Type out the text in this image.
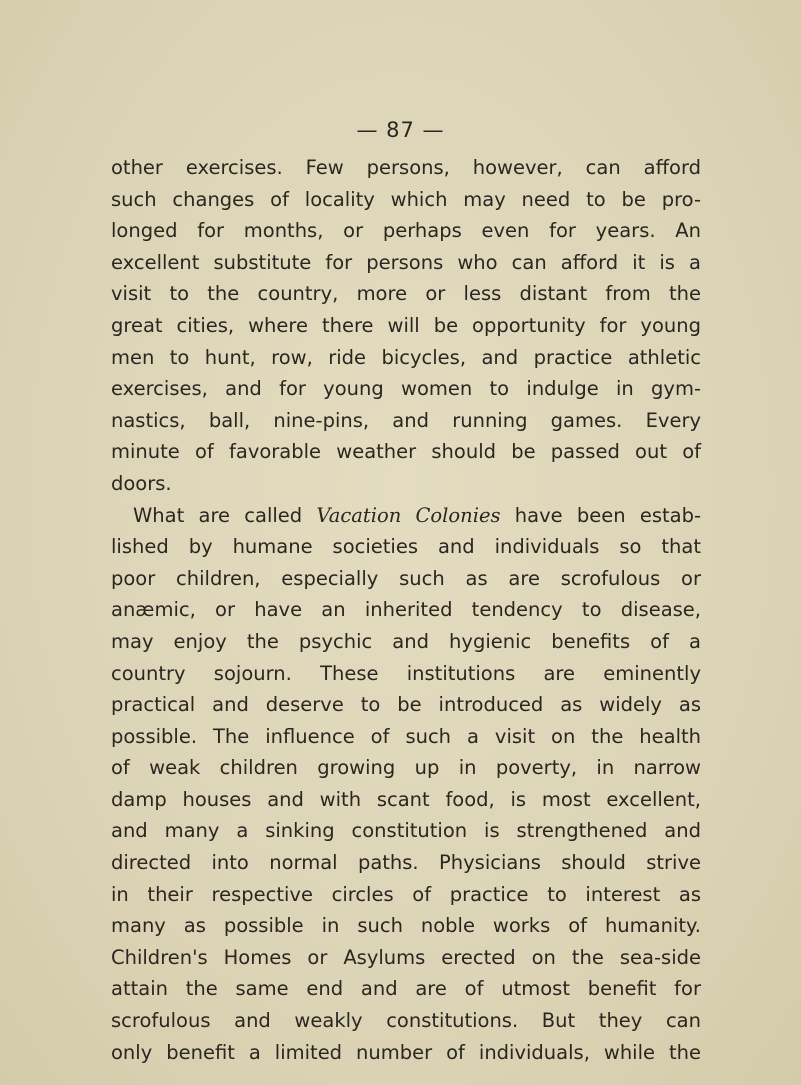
— 87 —
other exercises. Few persons, however, can afford
such changes of locality which may need to be pro-
longed for months, or perhaps even for years. An
excellent substitute for persons who can afford it is a
visit to the country, more or less distant from the
great cities, where there will be opportunity for young
men to hunt, row, ride bicycles, and practice athletic
exercises, and for young women to indulge in gym-
nastics, ball, nine-pins, and running games. Every
minute of favorable weather should be passed out of
doors.
What are called Vacation Colonies have been estab-
lished by humane societies and individuals so that
poor children, especially such as are scrofulous or
anæmic, or have an inherited tendency to disease,
may enjoy the psychic and hygienic benefits of a
country sojourn. These institutions are eminently
practical and deserve to be introduced as widely as
possible. The influence of such a visit on the health
of weak children growing up in poverty, in narrow
damp houses and with scant food, is most excellent,
and many a sinking constitution is strengthened and
directed into normal paths. Physicians should strive
in their respective circles of practice to interest as
many as possible in such noble works of humanity.
Children's Homes or Asylums erected on the sea-side
attain the same end and are of utmost benefit for
scrofulous and weakly constitutions. But they can
only benefit a limited number of individuals, while the
